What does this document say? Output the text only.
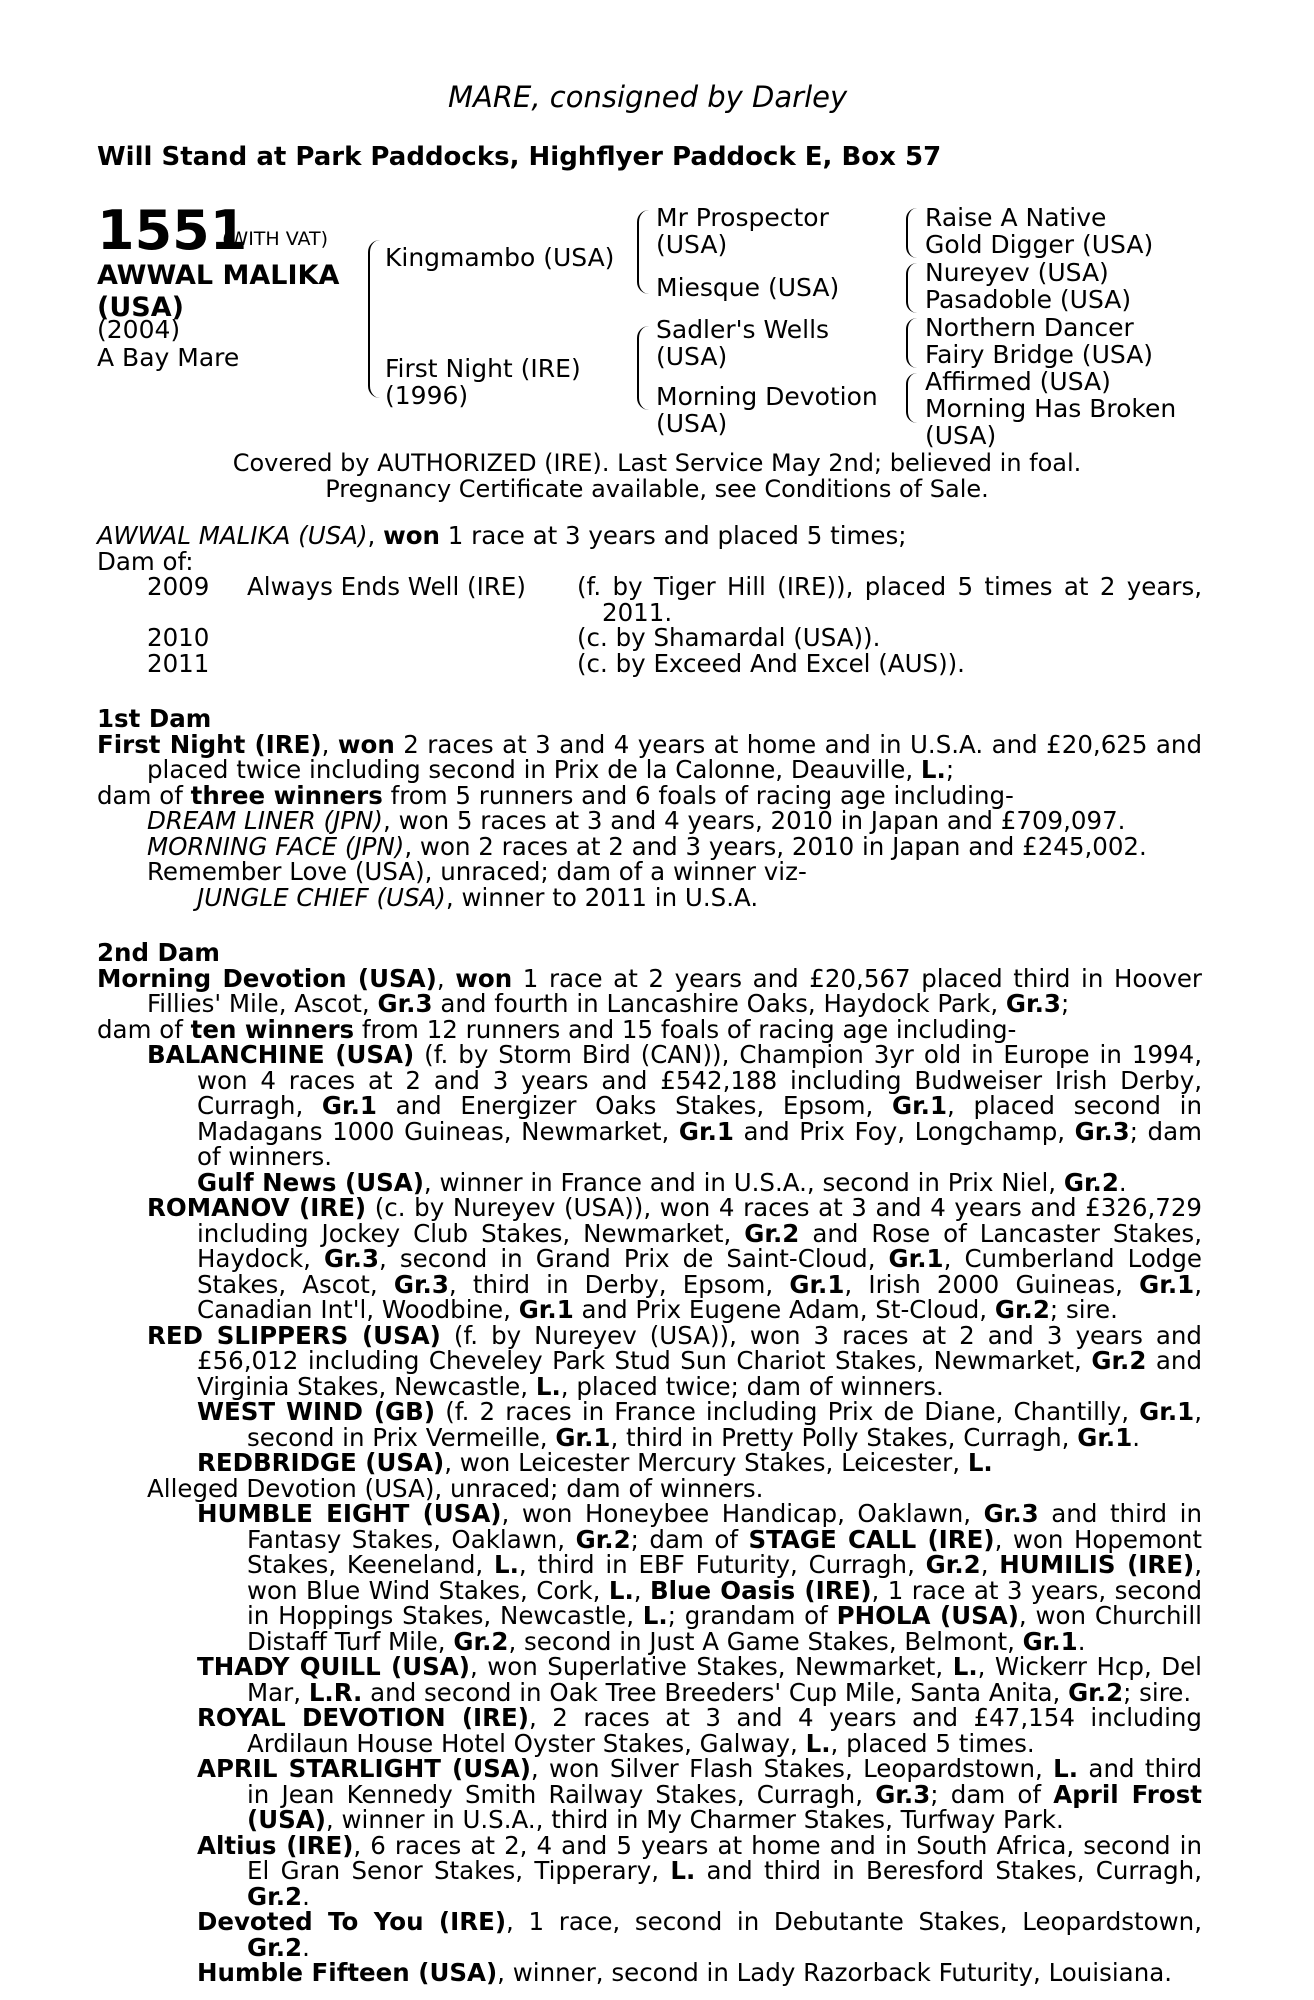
MARE, consigned by Darley
Will Stand at Park Paddocks, Highflyer Paddock E, Box 57
1551
(WITH VAT)
AWWAL MALIKA
(USA)
(2004)
A Bay Mare
Kingmambo (USA)
First Night (IRE)
(1996)
Mr Prospector
(USA)
Miesque (USA)
Sadler's Wells
(USA)
Morning Devotion
(USA)
Raise A Native
Gold Digger (USA)
Nureyev (USA)
Pasadoble (USA)
Northern Dancer
Fairy Bridge (USA)
Affirmed (USA)
Morning Has Broken
(USA)
Covered by AUTHORIZED (IRE). Last Service May 2nd; believed in foal.
Pregnancy Certificate available, see Conditions of Sale.

AWWAL MALIKA (USA), won 1 race at 3 years and placed 5 times;

Dam of:

2009	Always Ends Well (IRE)	(f. by Tiger Hill (IRE)), placed 5 times at 2 years, 2011.
2010	(c. by Shamardal (USA)).
2011	(c. by Exceed And Excel (AUS)).

1st Dam

First Night (IRE), won 2 races at 3 and 4 years at home and in U.S.A. and £20,625 and placed twice including second in Prix de la Calonne, Deauville, L.;

dam of three winners from 5 runners and 6 foals of racing age including-

DREAM LINER (JPN), won 5 races at 3 and 4 years, 2010 in Japan and £709,097.

MORNING FACE (JPN), won 2 races at 2 and 3 years, 2010 in Japan and £245,002.

Remember Love (USA), unraced; dam of a winner viz-

JUNGLE CHIEF (USA), winner to 2011 in U.S.A.

2nd Dam

Morning Devotion (USA), won 1 race at 2 years and £20,567 placed third in Hoover Fillies' Mile, Ascot, Gr.3 and fourth in Lancashire Oaks, Haydock Park, Gr.3;

dam of ten winners from 12 runners and 15 foals of racing age including-

BALANCHINE (USA) (f. by Storm Bird (CAN)), Champion 3yr old in Europe in 1994, won 4 races at 2 and 3 years and £542,188 including Budweiser Irish Derby, Curragh, Gr.1 and Energizer Oaks Stakes, Epsom, Gr.1, placed second in Madagans 1000 Guineas, Newmarket, Gr.1 and Prix Foy, Longchamp, Gr.3; dam of winners.

Gulf News (USA), winner in France and in U.S.A., second in Prix Niel, Gr.2.

ROMANOV (IRE) (c. by Nureyev (USA)), won 4 races at 3 and 4 years and £326,729 including Jockey Club Stakes, Newmarket, Gr.2 and Rose of Lancaster Stakes, Haydock, Gr.3, second in Grand Prix de Saint-Cloud, Gr.1, Cumberland Lodge Stakes, Ascot, Gr.3, third in Derby, Epsom, Gr.1, Irish 2000 Guineas, Gr.1, Canadian Int'l, Woodbine, Gr.1 and Prix Eugene Adam, St-Cloud, Gr.2; sire.

RED SLIPPERS (USA) (f. by Nureyev (USA)), won 3 races at 2 and 3 years and £56,012 including Cheveley Park Stud Sun Chariot Stakes, Newmarket, Gr.2 and Virginia Stakes, Newcastle, L., placed twice; dam of winners.

WEST WIND (GB) (f. 2 races in France including Prix de Diane, Chantilly, Gr.1, second in Prix Vermeille, Gr.1, third in Pretty Polly Stakes, Curragh, Gr.1.

REDBRIDGE (USA), won Leicester Mercury Stakes, Leicester, L.

Alleged Devotion (USA), unraced; dam of winners.

HUMBLE EIGHT (USA), won Honeybee Handicap, Oaklawn, Gr.3 and third in Fantasy Stakes, Oaklawn, Gr.2; dam of STAGE CALL (IRE), won Hopemont Stakes, Keeneland, L., third in EBF Futurity, Curragh, Gr.2, HUMILIS (IRE), won Blue Wind Stakes, Cork, L., Blue Oasis (IRE), 1 race at 3 years, second in Hoppings Stakes, Newcastle, L.; grandam of PHOLA (USA), won Churchill Distaff Turf Mile, Gr.2, second in Just A Game Stakes, Belmont, Gr.1.

THADY QUILL (USA), won Superlative Stakes, Newmarket, L., Wickerr Hcp, Del Mar, L.R. and second in Oak Tree Breeders' Cup Mile, Santa Anita, Gr.2; sire.

ROYAL DEVOTION (IRE), 2 races at 3 and 4 years and £47,154 including Ardilaun House Hotel Oyster Stakes, Galway, L., placed 5 times.

APRIL STARLIGHT (USA), won Silver Flash Stakes, Leopardstown, L. and third in Jean Kennedy Smith Railway Stakes, Curragh, Gr.3; dam of April Frost (USA), winner in U.S.A., third in My Charmer Stakes, Turfway Park.

Altius (IRE), 6 races at 2, 4 and 5 years at home and in South Africa, second in El Gran Senor Stakes, Tipperary, L. and third in Beresford Stakes, Curragh, Gr.2.

Devoted To You (IRE), 1 race, second in Debutante Stakes, Leopardstown, Gr.2.

Humble Fifteen (USA), winner, second in Lady Razorback Futurity, Louisiana.
